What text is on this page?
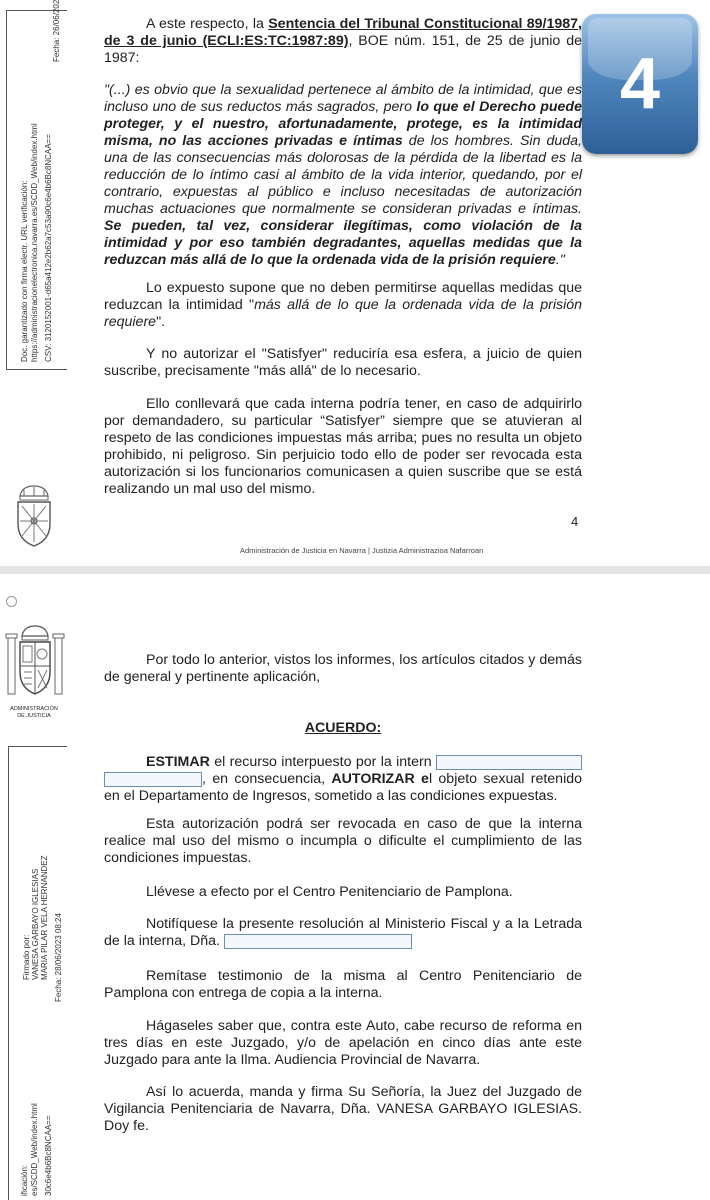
Fecha: 26/06/202
Doc. garantizado con firma electr. URL verificación: https://administracionelectronica.navarra.es/SCDD_Web/index.html CSV: 3120152001-d65a412e2b62a7c53a90c6e4b6Bc8NCAA==
4

A este respecto, la Sentencia del Tribunal Constitucional 89/1987, de 3 de junio (ECLI:ES:TC:1987:89), BOE núm. 151, de 25 de junio de 1987:

"(...) es obvio que la sexualidad pertenece al ámbito de la intimidad, que es incluso uno de sus reductos más sagrados, pero lo que el Derecho puede proteger, y el nuestro, afortunadamente, protege, es la intimidad misma, no las acciones privadas e íntimas de los hombres. Sin duda, una de las consecuencias más dolorosas de la pérdida de la libertad es la reducción de lo íntimo casi al ámbito de la vida interior, quedando, por el contrario, expuestas al público e incluso necesitadas de autorización muchas actuaciones que normalmente se consideran privadas e íntimas. Se pueden, tal vez, considerar ilegítimas, como violación de la intimidad y por eso también degradantes, aquellas medidas que la reduzcan más allá de lo que la ordenada vida de la prisión requiere."

Lo expuesto supone que no deben permitirse aquellas medidas que reduzcan la intimidad "más allá de lo que la ordenada vida de la prisión requiere".

Y no autorizar el "Satisfyer" reduciría esa esfera, a juicio de quien suscribe, precisamente "más allá" de lo necesario.

Ello conllevará que cada interna podría tener, en caso de adquirirlo por demandadero, su particular “Satisfyer” siempre que se atuvieran al respeto de las condiciones impuestas más arriba; pues no resulta un objeto prohibido, ni peligroso. Sin perjuicio todo ello de poder ser revocada esta autorización si los funcionarios comunicasen a quien suscribe que se está realizando un mal uso del mismo.

4
Administración de Justicia en Navarra | Justizia Administrazioa Nafarroan
ADMINISTRACIÓN
DE JUSTICIA
Firmado por: VANESA GARBAYO IGLESIAS MARIA PILAR VELA HERNANDEZ Fecha: 28/06/2023 08:24
ificación: es/SCDD_Web/index.html 30c6e4b6Bc8NCAA==

Por todo lo anterior, vistos los informes, los artículos citados y demás de general y pertinente aplicación,

ACUERDO:

ESTIMAR el recurso interpuesto por la intern  , en consecuencia, AUTORIZAR el objeto sexual retenido en el Departamento de Ingresos, sometido a las condiciones expuestas.

Esta autorización podrá ser revocada en caso de que la interna realice mal uso del mismo o incumpla o dificulte el cumplimiento de las condiciones impuestas.

Llévese a efecto por el Centro Penitenciario de Pamplona.

Notifíquese la presente resolución al Ministerio Fiscal y a la Letrada de la interna, Dña.

Remítase testimonio de la misma al Centro Penitenciario de Pamplona con entrega de copia a la interna.

Hágaseles saber que, contra este Auto, cabe recurso de reforma en tres días en este Juzgado, y/o de apelación en cinco días ante este Juzgado para ante la Ilma. Audiencia Provincial de Navarra.

Así lo acuerda, manda y firma Su Señoría, la Juez del Juzgado de Vigilancia Penitenciaria de Navarra, Dña. VANESA GARBAYO IGLESIAS. Doy fe.
